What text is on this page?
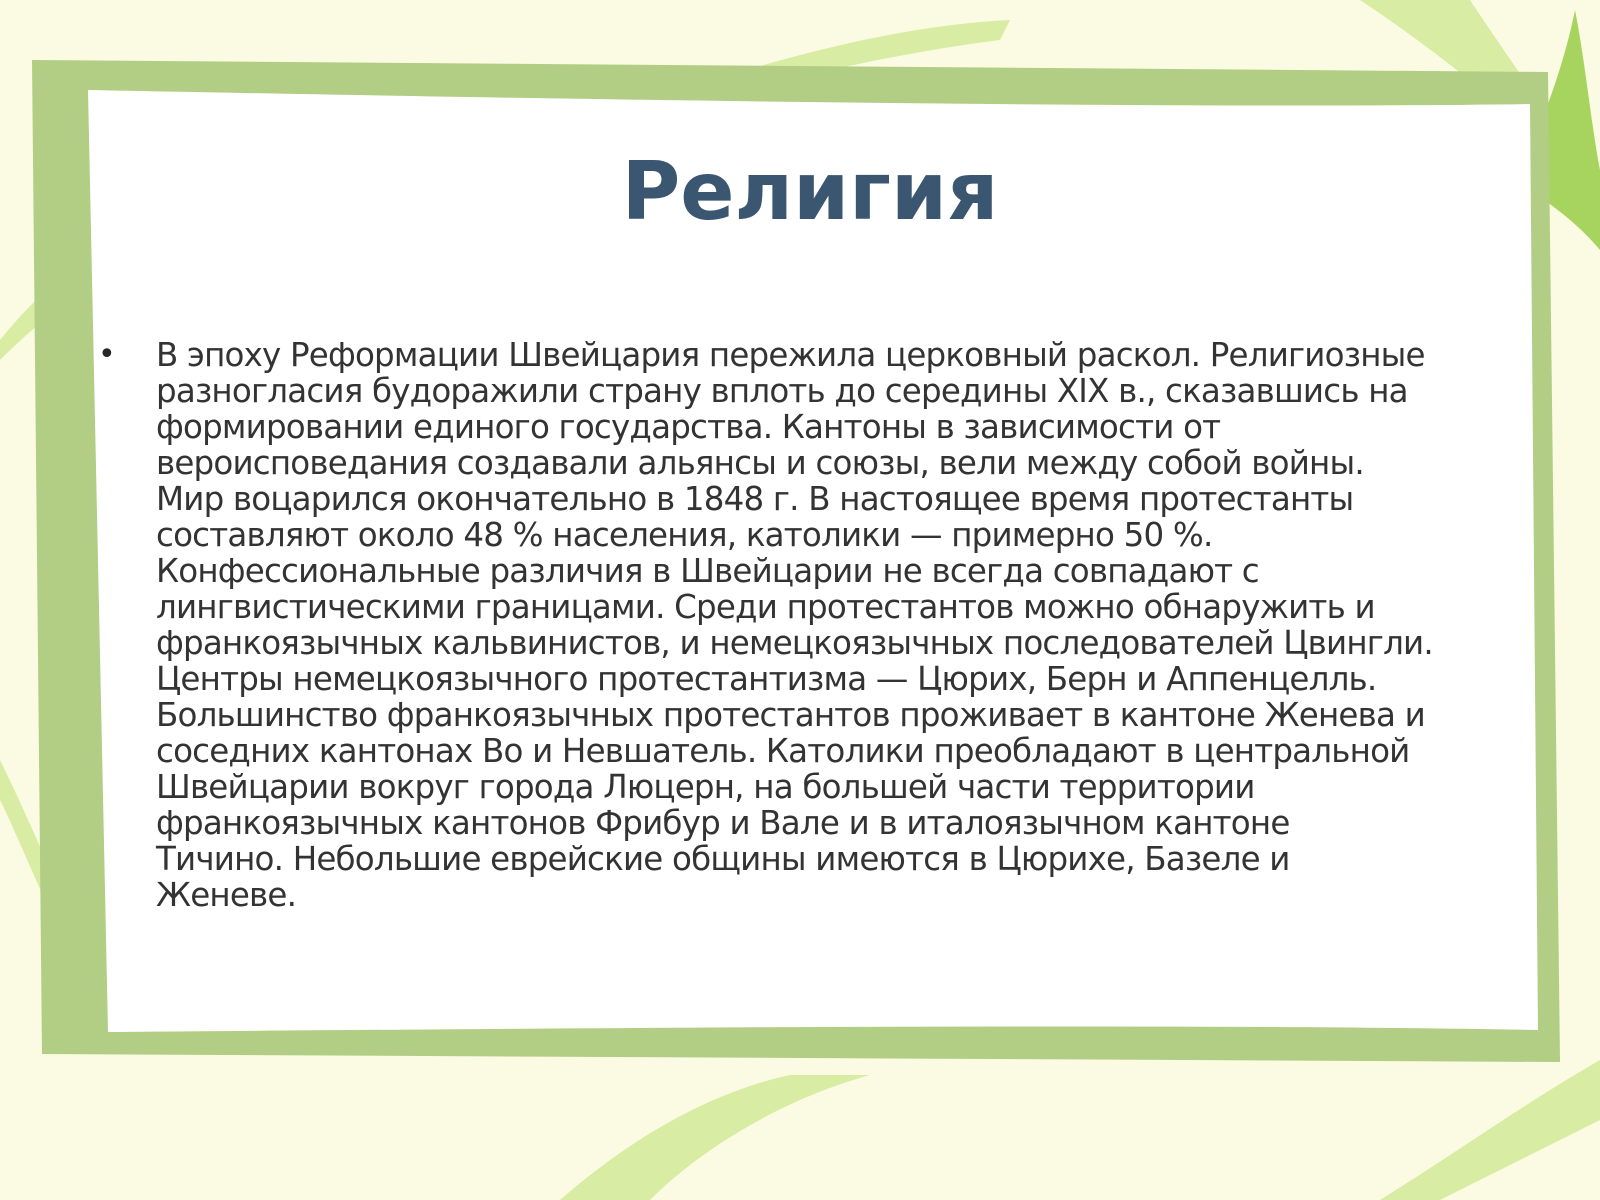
Религия
• В эпоху Реформации Швейцария пережила церковный раскол. Религиозные
разногласия будоражили страну вплоть до середины XIX в., сказавшись на
формировании единого государства. Кантоны в зависимости от
вероисповедания создавали альянсы и союзы, вели между собой войны.
Мир воцарился окончательно в 1848 г. В настоящее время протестанты
составляют около 48 % населения, католики — примерно 50 %.
Конфессиональные различия в Швейцарии не всегда совпадают с
лингвистическими границами. Среди протестантов можно обнаружить и
франкоязычных кальвинистов, и немецкоязычных последователей Цвингли.
Центры немецкоязычного протестантизма — Цюрих, Берн и Аппенцелль.
Большинство франкоязычных протестантов проживает в кантоне Женева и
соседних кантонах Во и Невшатель. Католики преобладают в центральной
Швейцарии вокруг города Люцерн, на большей части территории
франкоязычных кантонов Фрибур и Вале и в италоязычном кантоне
Тичино. Небольшие еврейские общины имеются в Цюрихе, Базеле и
Женеве.
